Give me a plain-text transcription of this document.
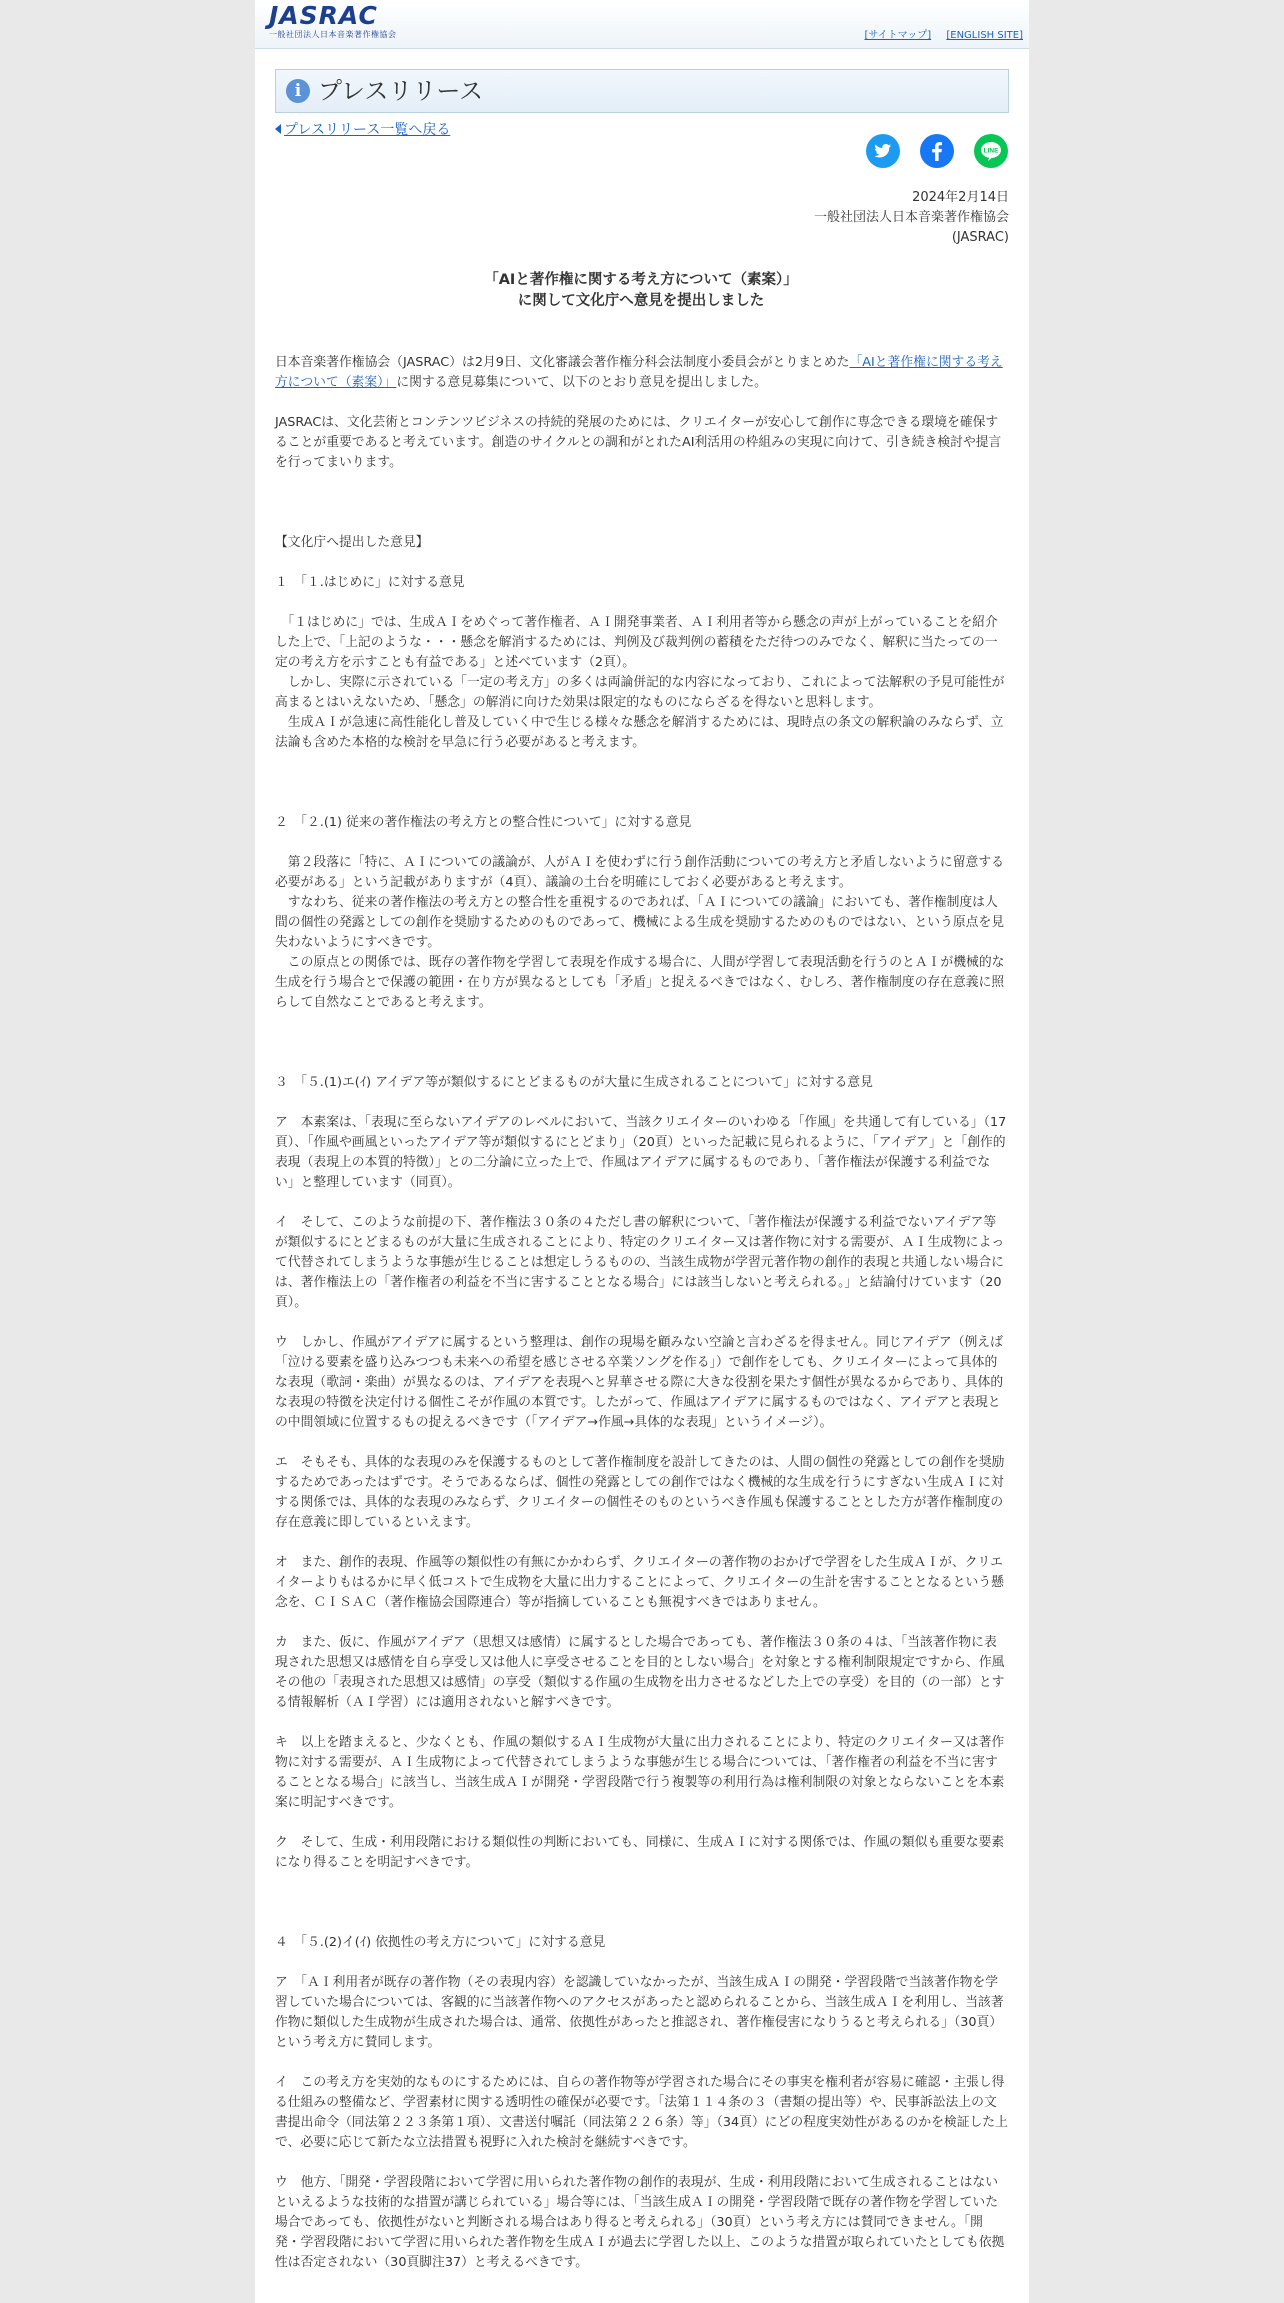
JASRAC
一般社団法人日本音楽著作権協会	[サイトマップ] [ENGLISH SITE]
i プレスリリース
プレスリリース一覧へ戻る
LINE
2024年2月14日
一般社団法人日本音楽著作権協会
(JASRAC)
「AIと著作権に関する考え方について（素案）」
に関して文化庁へ意見を提出しました

日本音楽著作権協会（JASRAC）は2月9日、文化審議会著作権分科会法制度小委員会がとりまとめた「AIと著作権に関する考え方について（素案）」に関する意見募集について、以下のとおり意見を提出しました。

JASRACは、文化芸術とコンテンツビジネスの持続的発展のためには、クリエイターが安心して創作に専念できる環境を確保することが重要であると考えています。創造のサイクルとの調和がとれたAI利活用の枠組みの実現に向けて、引き続き検討や提言を行ってまいります。

【文化庁へ提出した意見】

１　「１.はじめに」に対する意見

　「１はじめに」では、生成ＡＩをめぐって著作権者、ＡＩ開発事業者、ＡＩ利用者等から懸念の声が上がっていることを紹介した上で、「上記のような・・・懸念を解消するためには、判例及び裁判例の蓄積をただ待つのみでなく、解釈に当たっての一定の考え方を示すことも有益である」と述べています（2頁）。

　しかし、実際に示されている「一定の考え方」の多くは両論併記的な内容になっており、これによって法解釈の予見可能性が高まるとはいえないため、「懸念」の解消に向けた効果は限定的なものにならざるを得ないと思料します。

　生成ＡＩが急速に高性能化し普及していく中で生じる様々な懸念を解消するためには、現時点の条文の解釈論のみならず、立法論も含めた本格的な検討を早急に行う必要があると考えます。

２　「２.(1) 従来の著作権法の考え方との整合性について」に対する意見

　第２段落に「特に、ＡＩについての議論が、人がＡＩを使わずに行う創作活動についての考え方と矛盾しないように留意する必要がある」という記載がありますが（4頁）、議論の土台を明確にしておく必要があると考えます。

　すなわち、従来の著作権法の考え方との整合性を重視するのであれば、「ＡＩについての議論」においても、著作権制度は人間の個性の発露としての創作を奨励するためのものであって、機械による生成を奨励するためのものではない、という原点を見失わないようにすべきです。

　この原点との関係では、既存の著作物を学習して表現を作成する場合に、人間が学習して表現活動を行うのとＡＩが機械的な生成を行う場合とで保護の範囲・在り方が異なるとしても「矛盾」と捉えるべきではなく、むしろ、著作権制度の存在意義に照らして自然なことであると考えます。

３　「５.(1)エ(ｲ) アイデア等が類似するにとどまるものが大量に生成されることについて」に対する意見

ア　本素案は、「表現に至らないアイデアのレベルにおいて、当該クリエイターのいわゆる「作風」を共通して有している」（17頁）、「作風や画風といったアイデア等が類似するにとどまり」（20頁）といった記載に見られるように、「アイデア」と「創作的表現（表現上の本質的特徴）」との二分論に立った上で、作風はアイデアに属するものであり、「著作権法が保護する利益でない」と整理しています（同頁）。

イ　そして、このような前提の下、著作権法３０条の４ただし書の解釈について、「著作権法が保護する利益でないアイデア等が類似するにとどまるものが大量に生成されることにより、特定のクリエイター又は著作物に対する需要が、ＡＩ生成物によって代替されてしまうような事態が生じることは想定しうるものの、当該生成物が学習元著作物の創作的表現と共通しない場合には、著作権法上の「著作権者の利益を不当に害することとなる場合」には該当しないと考えられる。」と結論付けています（20頁）。

ウ　しかし、作風がアイデアに属するという整理は、創作の現場を顧みない空論と言わざるを得ません。同じアイデア（例えば「泣ける要素を盛り込みつつも未来への希望を感じさせる卒業ソングを作る」）で創作をしても、クリエイターによって具体的な表現（歌詞・楽曲）が異なるのは、アイデアを表現へと昇華させる際に大きな役割を果たす個性が異なるからであり、具体的な表現の特徴を決定付ける個性こそが作風の本質です。したがって、作風はアイデアに属するものではなく、アイデアと表現との中間領域に位置するもの捉えるべきです（「アイデア→作風→具体的な表現」というイメージ）。

エ　そもそも、具体的な表現のみを保護するものとして著作権制度を設計してきたのは、人間の個性の発露としての創作を奨励するためであったはずです。そうであるならば、個性の発露としての創作ではなく機械的な生成を行うにすぎない生成ＡＩに対する関係では、具体的な表現のみならず、クリエイターの個性そのものというべき作風も保護することとした方が著作権制度の存在意義に即しているといえます。

オ　また、創作的表現、作風等の類似性の有無にかかわらず、クリエイターの著作物のおかげで学習をした生成ＡＩが、クリエイターよりもはるかに早く低コストで生成物を大量に出力することによって、クリエイターの生計を害することとなるという懸念を、ＣＩＳＡＣ（著作権協会国際連合）等が指摘していることも無視すべきではありません。

カ　また、仮に、作風がアイデア（思想又は感情）に属するとした場合であっても、著作権法３０条の４は、「当該著作物に表現された思想又は感情を自ら享受し又は他人に享受させることを目的としない場合」を対象とする権利制限規定ですから、作風その他の「表現された思想又は感情」の享受（類似する作風の生成物を出力させるなどした上での享受）を目的（の一部）とする情報解析（ＡＩ学習）には適用されないと解すべきです。

キ　以上を踏まえると、少なくとも、作風の類似するＡＩ生成物が大量に出力されることにより、特定のクリエイター又は著作物に対する需要が、ＡＩ生成物によって代替されてしまうような事態が生じる場合については、「著作権者の利益を不当に害することとなる場合」に該当し、当該生成ＡＩが開発・学習段階で行う複製等の利用行為は権利制限の対象とならないことを本素案に明記すべきです。

ク　そして、生成・利用段階における類似性の判断においても、同様に、生成ＡＩに対する関係では、作風の類似も重要な要素になり得ることを明記すべきです。

４　「５.(2)イ(ｲ) 依拠性の考え方について」に対する意見

ア　「ＡＩ利用者が既存の著作物（その表現内容）を認識していなかったが、当該生成ＡＩの開発・学習段階で当該著作物を学習していた場合については、客観的に当該著作物へのアクセスがあったと認められることから、当該生成ＡＩを利用し、当該著作物に類似した生成物が生成された場合は、通常、依拠性があったと推認され、著作権侵害になりうると考えられる」（30頁）という考え方に賛同します。

イ　この考え方を実効的なものにするためには、自らの著作物等が学習された場合にその事実を権利者が容易に確認・主張し得る仕組みの整備など、学習素材に関する透明性の確保が必要です。「法第１１４条の３（書類の提出等）や、民事訴訟法上の文書提出命令（同法第２２３条第１項）、文書送付嘱託（同法第２２６条）等」（34頁）にどの程度実効性があるのかを検証した上で、必要に応じて新たな立法措置も視野に入れた検討を継続すべきです。

ウ　他方、「開発・学習段階において学習に用いられた著作物の創作的表現が、生成・利用段階において生成されることはないといえるような技術的な措置が講じられている」場合等には、「当該生成ＡＩの開発・学習段階で既存の著作物を学習していた場合であっても、依拠性がないと判断される場合はあり得ると考えられる」（30頁）という考え方には賛同できません。「開発・学習段階において学習に用いられた著作物を生成ＡＩが過去に学習した以上、このような措置が取られていたとしても依拠性は否定されない（30頁脚注37）と考えるべきです。
